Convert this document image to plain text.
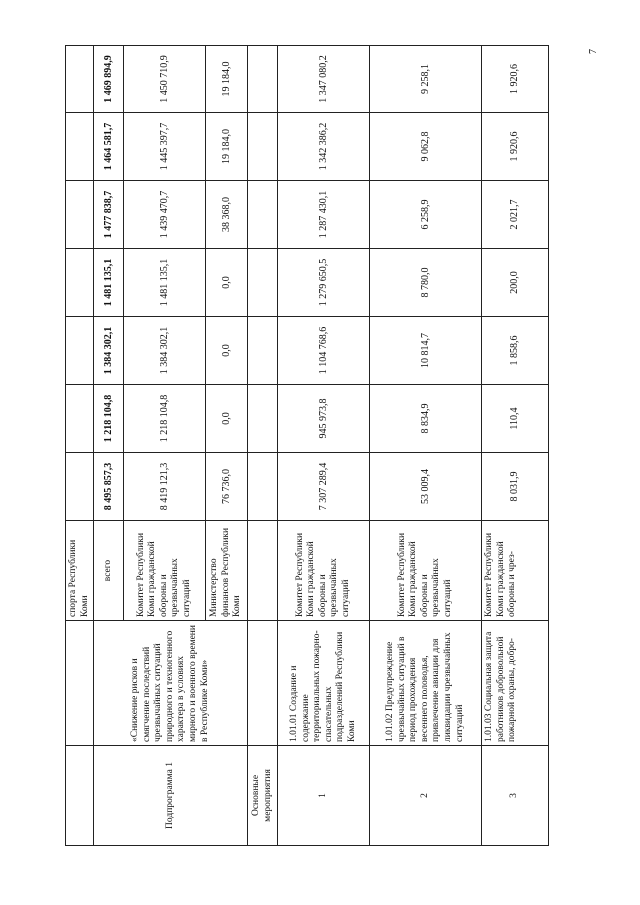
7
		спорта Республики Коми							
Подпрограмма 1	«Снижение рисков и смягчение последствий чрезвычайных ситуаций природного и техногенного характера в условиях мирного и военного времени в Республике Коми»	всего	8 495 857,3	1 218 104,8	1 384 302,1	1 481 135,1	1 477 838,7	1 464 581,7	1 469 894,9
		Комитет Республики Коми гражданской обороны и чрезвычайных ситуаций	8 419 121,3	1 218 104,8	1 384 302,1	1 481 135,1	1 439 470,7	1 445 397,7	1 450 710,9
		Министерство финансов Республики Коми	76 736,0	0,0	0,0	0,0	38 368,0	19 184,0	19 184,0
Основные мероприятия									
1	1.01.01 Создание и содержание территориальных пожарно-спасательных подразделений Республики Коми	Комитет Республики Коми гражданской обороны и чрезвычайных ситуаций	7 307 289,4	945 973,8	1 104 768,6	1 279 650,5	1 287 430,1	1 342 386,2	1 347 080,2
2	1.01.02 Предупреждение чрезвычайных ситуаций в период прохождения весеннего половодья, привлечение авиации для ликвидации чрезвычайных ситуаций	Комитет Республики Коми гражданской обороны и чрезвычайных ситуаций	53 009,4	8 834,9	10 814,7	8 780,0	6 258,9	9 062,8	9 258,1
3	1.01.03 Социальная защита работников добровольной пожарной охраны, добро-	Комитет Республики Коми гражданской обороны и чрез-	8 031,9	110,4	1 858,6	200,0	2 021,7	1 920,6	1 920,6
